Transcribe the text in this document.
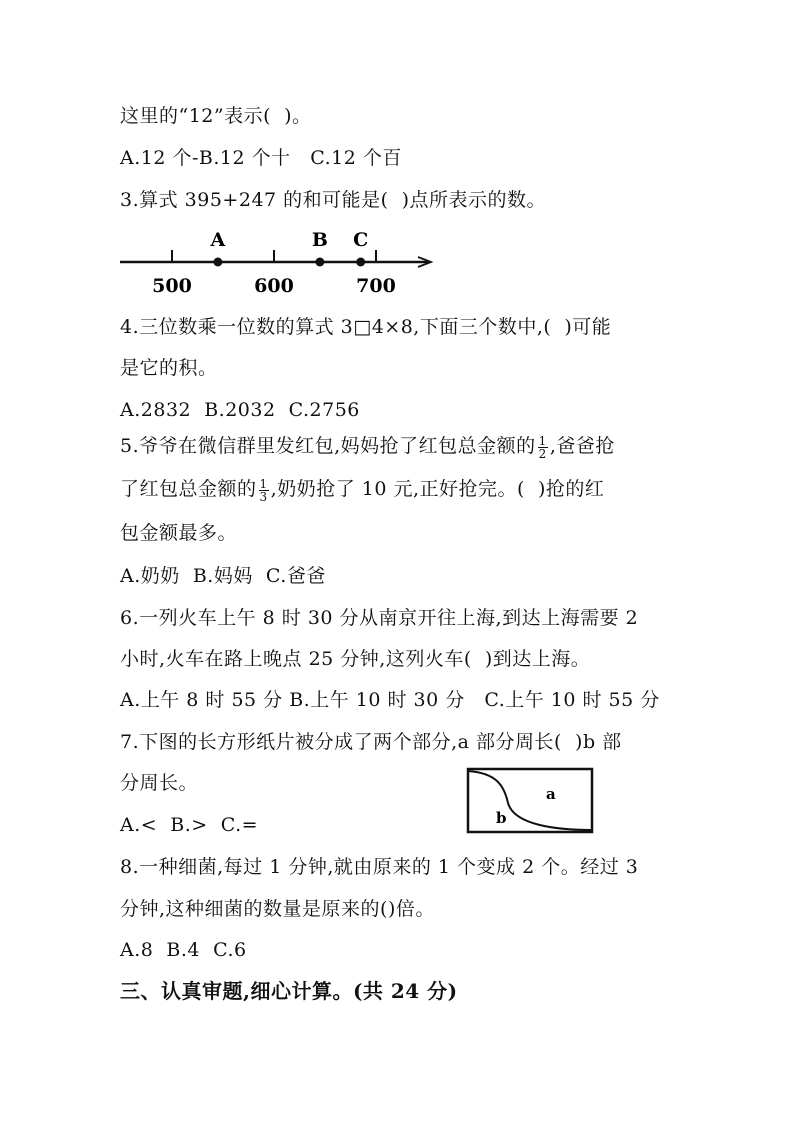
这里的“12”表示(  )。
A.12 个-B.12 个十   C.12 个百
3.算式 395+247 的和可能是(  )点所表示的数。
500	600	700
A	B C
4.三位数乘一位数的算式 3□4×8,下面三个数中,(  )可能
是它的积。
A.2832  B.2032  C.2756
5.爷爷在微信群里发红包,妈妈抢了红包总金额的 $\frac{1}{2}$ ,爸爸抢
了红包总金额的 $\frac{1}{3}$ ,奶奶抢了 10 元,正好抢完。(  )抢的红
包金额最多。
A.奶奶  B.妈妈  C.爸爸
6.一列火车上午 8 时 30 分从南京开往上海,到达上海需要 2
小时,火车在路上晚点 25 分钟,这列火车(  )到达上海。
A.上午 8 时 55 分 B.上午 10 时 30 分   C.上午 10 时 55 分
7.下图的长方形纸片被分成了两个部分,a 部分周长(  )b 部
分周长。	a
b
A.<  B.>  C.=
8.一种细菌,每过 1 分钟,就由原来的 1 个变成 2 个。经过 3
分钟,这种细菌的数量是原来的()倍。
A.8  B.4  C.6
三、认真审题,细心计算。(共 24 分)
